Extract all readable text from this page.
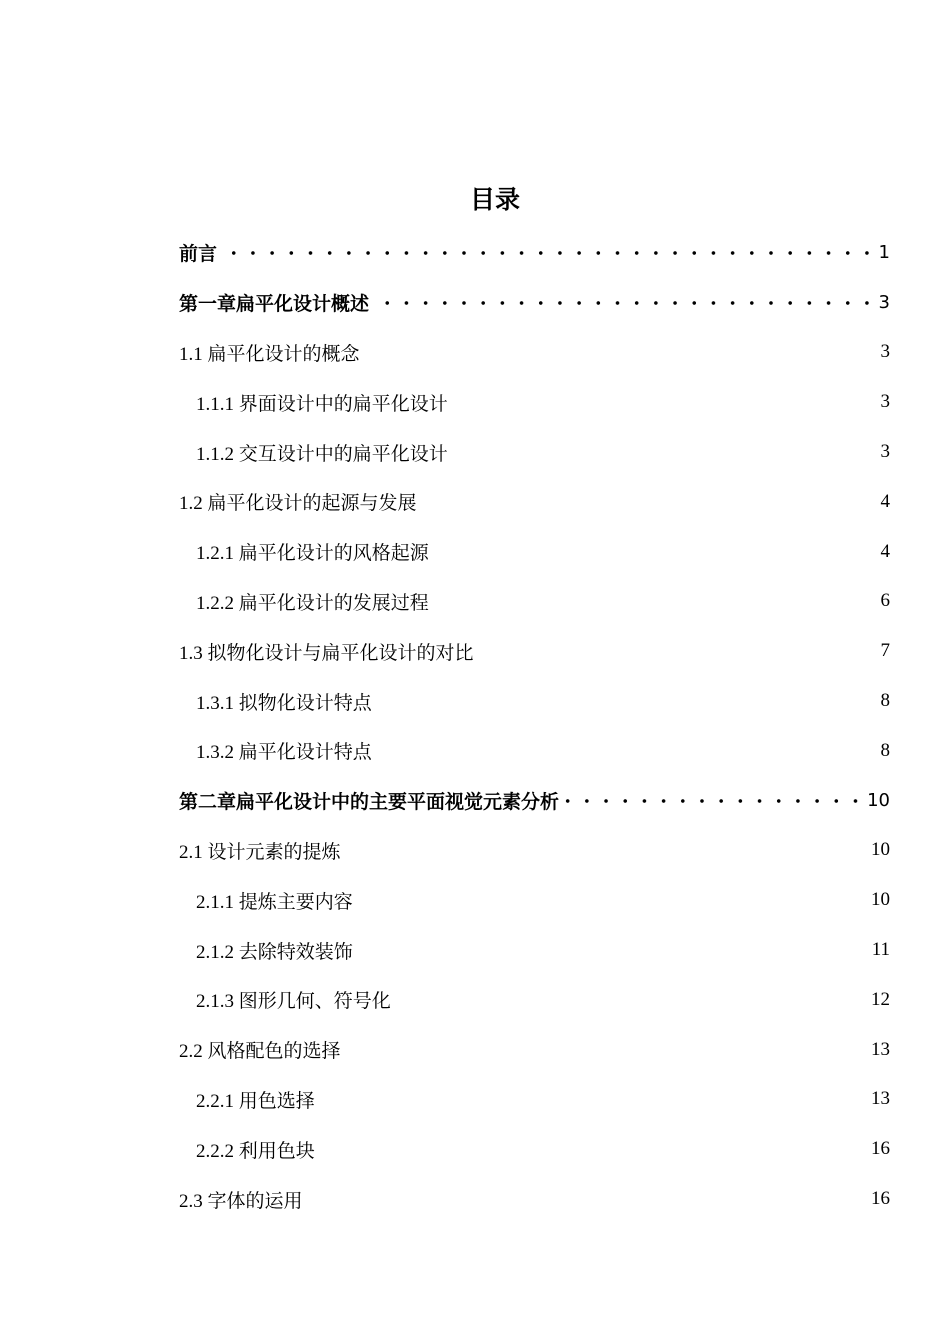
目录
前言	1
第一章扁平化设计概述	3
1.1 扁平化设计的概念	3
1.1.1 界面设计中的扁平化设计	3
1.1.2 交互设计中的扁平化设计	3
1.2 扁平化设计的起源与发展	4
1.2.1 扁平化设计的风格起源	4
1.2.2 扁平化设计的发展过程	6
1.3 拟物化设计与扁平化设计的对比	7
1.3.1 拟物化设计特点	8
1.3.2 扁平化设计特点	8
第二章扁平化设计中的主要平面视觉元素分析	10
2.1 设计元素的提炼	10
2.1.1 提炼主要内容	10
2.1.2 去除特效装饰	11
2.1.3 图形几何、符号化	12
2.2 风格配色的选择	13
2.2.1 用色选择	13
2.2.2 利用色块	16
2.3 字体的运用	16
